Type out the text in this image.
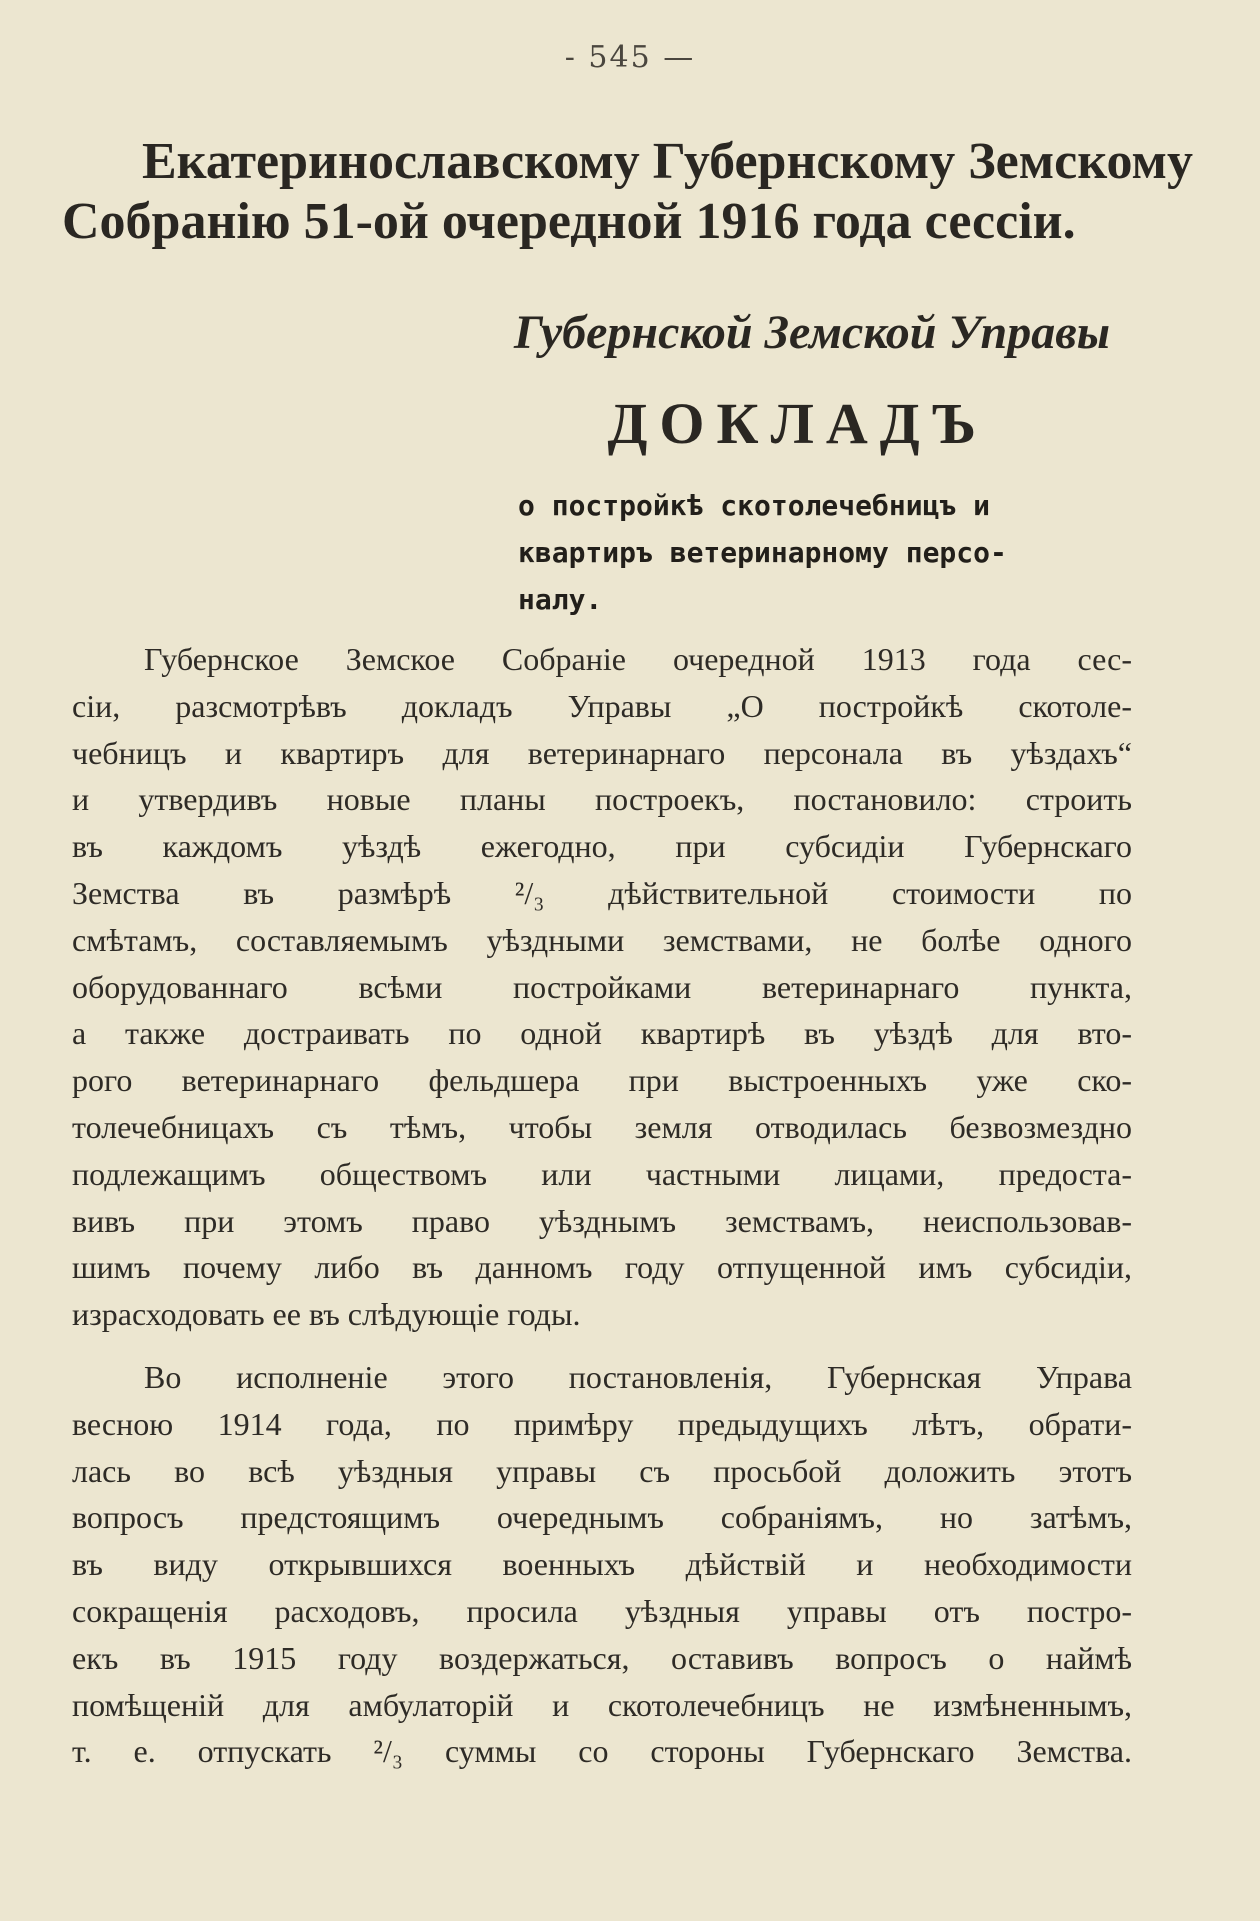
- 545 —
Екатеринославскому Губернскому Земскому
Собранію 51-ой очередной 1916 года сессіи.
Губернской Земской Управы
ДОКЛАДЪ
о постройкѣ скотолечебницъ и
квартиръ ветеринарному персо-
налу.
Губернское Земское Собраніе очередной 1913 года сес-
сіи, разсмотрѣвъ докладъ Управы „О постройкѣ скотоле-
чебницъ и квартиръ для ветеринарнаго персонала въ уѣздахъ“
и утвердивъ новые планы построекъ, постановило: строить
въ каждомъ уѣздѣ ежегодно, при субсидіи Губернскаго
Земства въ размѣрѣ ²/₃ дѣйствительной стоимости по
смѣтамъ, составляемымъ уѣздными земствами, не болѣе одного
оборудованнаго всѣми постройками ветеринарнаго пункта,
а также достраивать по одной квартирѣ въ уѣздѣ для вто-
рого ветеринарнаго фельдшера при выстроенныхъ уже ско-
толечебницахъ съ тѣмъ, чтобы земля отводилась безвозмездно
подлежащимъ обществомъ или частными лицами, предоста-
вивъ при этомъ право уѣзднымъ земствамъ, неиспользовав-
шимъ почему либо въ данномъ году отпущенной имъ субсидіи,
израсходовать ее въ слѣдующіе годы.
Во исполненіе этого постановленія, Губернская Управа
весною 1914 года, по примѣру предыдущихъ лѣтъ, обрати-
лась во всѣ уѣздныя управы съ просьбой доложить этотъ
вопросъ предстоящимъ очереднымъ собраніямъ, но затѣмъ,
въ виду открывшихся военныхъ дѣйствій и необходимости
сокращенія расходовъ, просила уѣздныя управы отъ постро-
екъ въ 1915 году воздержаться, оставивъ вопросъ о наймѣ
помѣщеній для амбулаторій и скотолечебницъ не измѣненнымъ,
т. е. отпускать ²/₃ суммы со стороны Губернскаго Земства.
